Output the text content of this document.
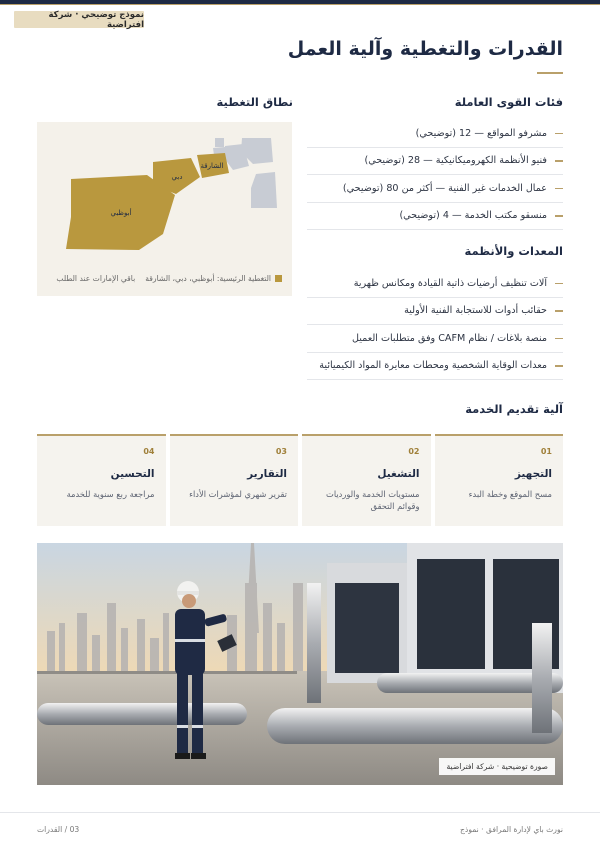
نموذج توضيحي · شركة افتراضية
القدرات والتغطية وآلية العمل
فئات القوى العاملة
مشرفو المواقع — 12 (توضيحي)
فنيو الأنظمة الكهروميكانيكية — 28 (توضيحي)
عمال الخدمات غير الفنية — أكثر من 80 (توضيحي)
منسقو مكتب الخدمة — 4 (توضيحي)
المعدات والأنظمة
آلات تنظيف أرضيات ذاتية القيادة ومكانس ظهرية
حقائب أدوات للاستجابة الفنية الأولية
منصة بلاغات / نظام CAFM وفق متطلبات العميل
معدات الوقاية الشخصية ومحطات معايرة المواد الكيميائية
نطاق التغطية
أبوظبي
دبي
الشارقة
التغطية الرئيسية: أبوظبي، دبي، الشارقة
باقي الإمارات عند الطلب
آلية تقديم الخدمة
01
التجهيز
مسح الموقع وخطة البدء
02
التشغيل
مستويات الخدمة والورديات وقوائم التحقق
03
التقارير
تقرير شهري لمؤشرات الأداء
04
التحسين
مراجعة ربع سنوية للخدمة
صورة توضيحية · شركة افتراضية
نورث باي لإدارة المرافق · نموذج
03 / القدرات
